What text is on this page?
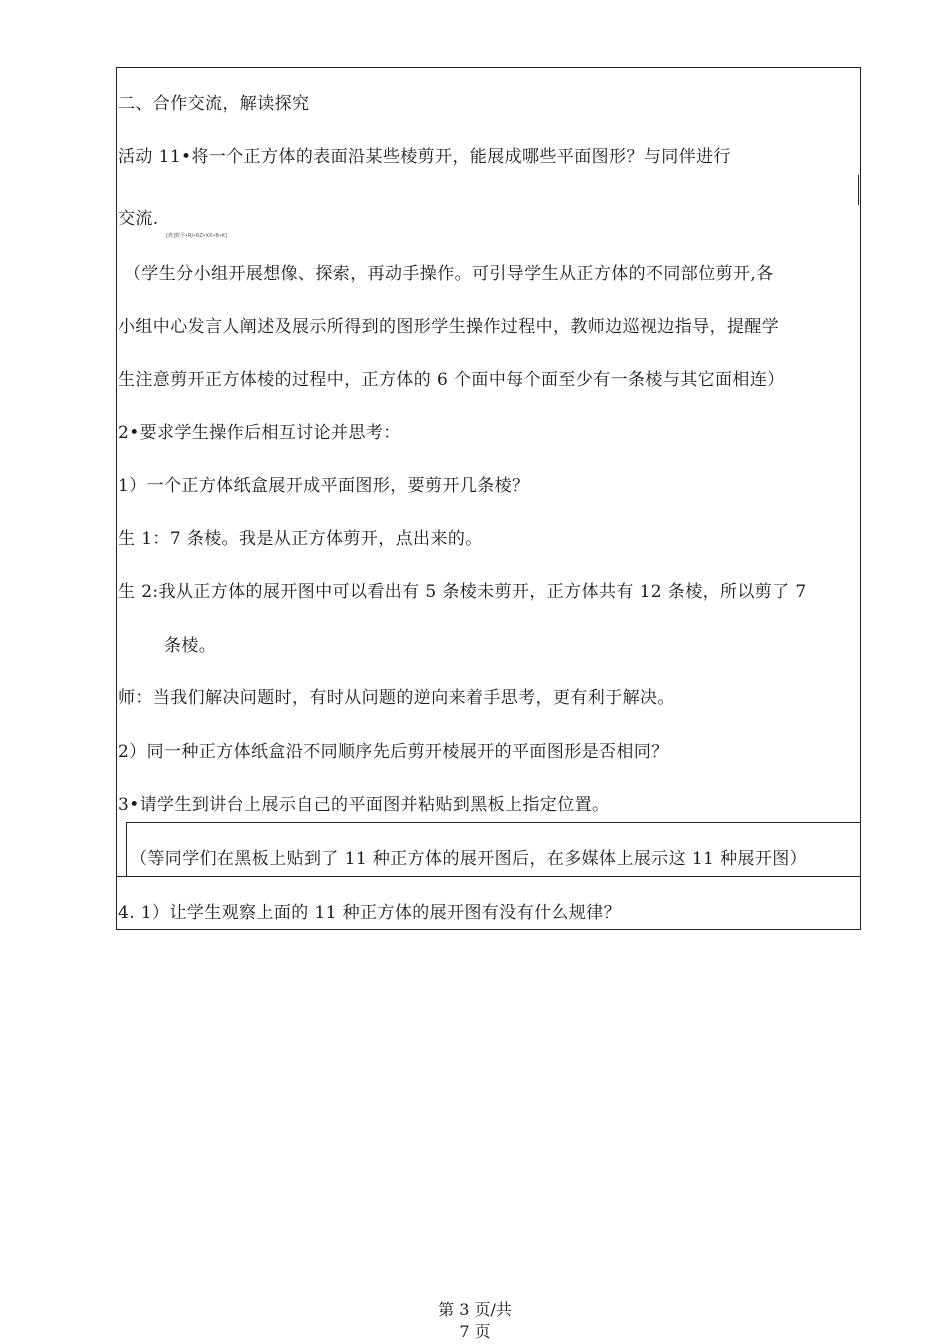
二、合作交流，解读探究
活动 11•将一个正方体的表面沿某些棱剪开，能展成哪些平面图形？与同伴进行
交流.
[教]数学•RJ•RZ•XX•B•K]
（学生分小组开展想像、探索，再动手操作。可引导学生从正方体的不同部位剪开,各
小组中心发言人阐述及展示所得到的图形学生操作过程中，教师边巡视边指导，提醒学
生注意剪开正方体棱的过程中，正方体的 6 个面中每个面至少有一条棱与其它面相连）
2•要求学生操作后相互讨论并思考：
1）一个正方体纸盒展开成平面图形，要剪开几条棱？
生 1：7 条棱。我是从正方体剪开，点出来的。
生 2:我从正方体的展开图中可以看出有 5 条棱未剪开，正方体共有 12 条棱，所以剪了 7
条棱。
师：当我们解决问题时，有时从问题的逆向来着手思考，更有利于解决。
2）同一种正方体纸盒沿不同顺序先后剪开棱展开的平面图形是否相同？
3•请学生到讲台上展示自己的平面图并粘贴到黑板上指定位置。
（等同学们在黑板上贴到了 11 种正方体的展开图后，在多媒体上展示这 11 种展开图）
4. 1）让学生观察上面的 11 种正方体的展开图有没有什么规律？
第 3 页/共
7 页
